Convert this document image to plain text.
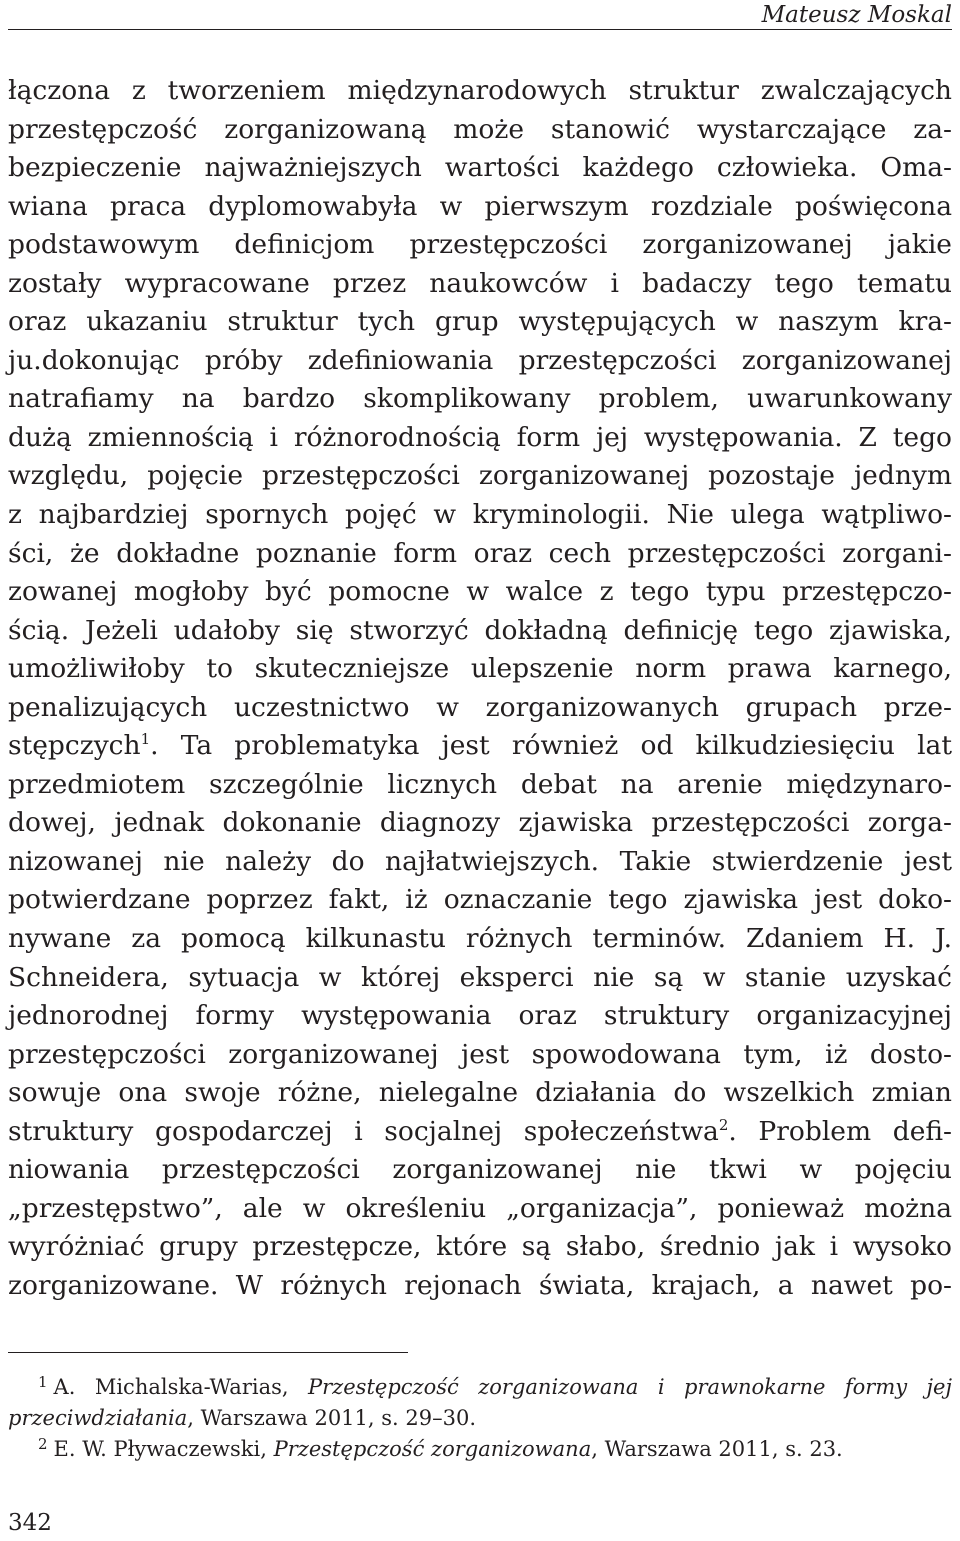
Mateusz Moskal
łączona z tworzeniem międzynarodowych struktur zwalczających
przestępczość zorganizowaną może stanowić wystarczające za-
bezpieczenie najważniejszych wartości każdego człowieka. Oma-
wiana praca dyplomowabyła w pierwszym rozdziale poświęcona
podstawowym definicjom przestępczości zorganizowanej jakie
zostały wypracowane przez naukowców i badaczy tego tematu
oraz ukazaniu struktur tych grup występujących w naszym kra-
ju.dokonując próby zdefiniowania przestępczości zorganizowanej
natrafiamy na bardzo skomplikowany problem, uwarunkowany
dużą zmiennością i różnorodnością form jej występowania. Z tego
względu, pojęcie przestępczości zorganizowanej pozostaje jednym
z najbardziej spornych pojęć w kryminologii. Nie ulega wątpliwo-
ści, że dokładne poznanie form oraz cech przestępczości zorgani-
zowanej mogłoby być pomocne w walce z tego typu przestępczo-
ścią. Jeżeli udałoby się stworzyć dokładną definicję tego zjawiska,
umożliwiłoby to skuteczniejsze ulepszenie norm prawa karnego,
penalizujących uczestnictwo w zorganizowanych grupach prze-
stępczych$^1$. Ta problematyka jest również od kilkudziesięciu lat
przedmiotem szczególnie licznych debat na arenie międzynaro-
dowej, jednak dokonanie diagnozy zjawiska przestępczości zorga-
nizowanej nie należy do najłatwiejszych. Takie stwierdzenie jest
potwierdzane poprzez fakt, iż oznaczanie tego zjawiska jest doko-
nywane za pomocą kilkunastu różnych terminów. Zdaniem H. J.
Schneidera, sytuacja w której eksperci nie są w stanie uzyskać
jednorodnej formy występowania oraz struktury organizacyjnej
przestępczości zorganizowanej jest spowodowana tym, iż dosto-
sowuje ona swoje różne, nielegalne działania do wszelkich zmian
struktury gospodarczej i socjalnej społeczeństwa$^2$. Problem defi-
niowania przestępczości zorganizowanej nie tkwi w pojęciu
„przestępstwo”, ale w określeniu „organizacja”, ponieważ można
wyróżniać grupy przestępcze, które są słabo, średnio jak i wysoko
zorganizowane. W różnych rejonach świata, krajach, a nawet po-
$^1$ A. Michalska-Warias, Przestępczość zorganizowana i prawnokarne formy jej
przeciwdziałania, Warszawa 2011, s. 29–30.
$^2$ E. W. Pływaczewski, Przestępczość zorganizowana, Warszawa 2011, s. 23.
342
